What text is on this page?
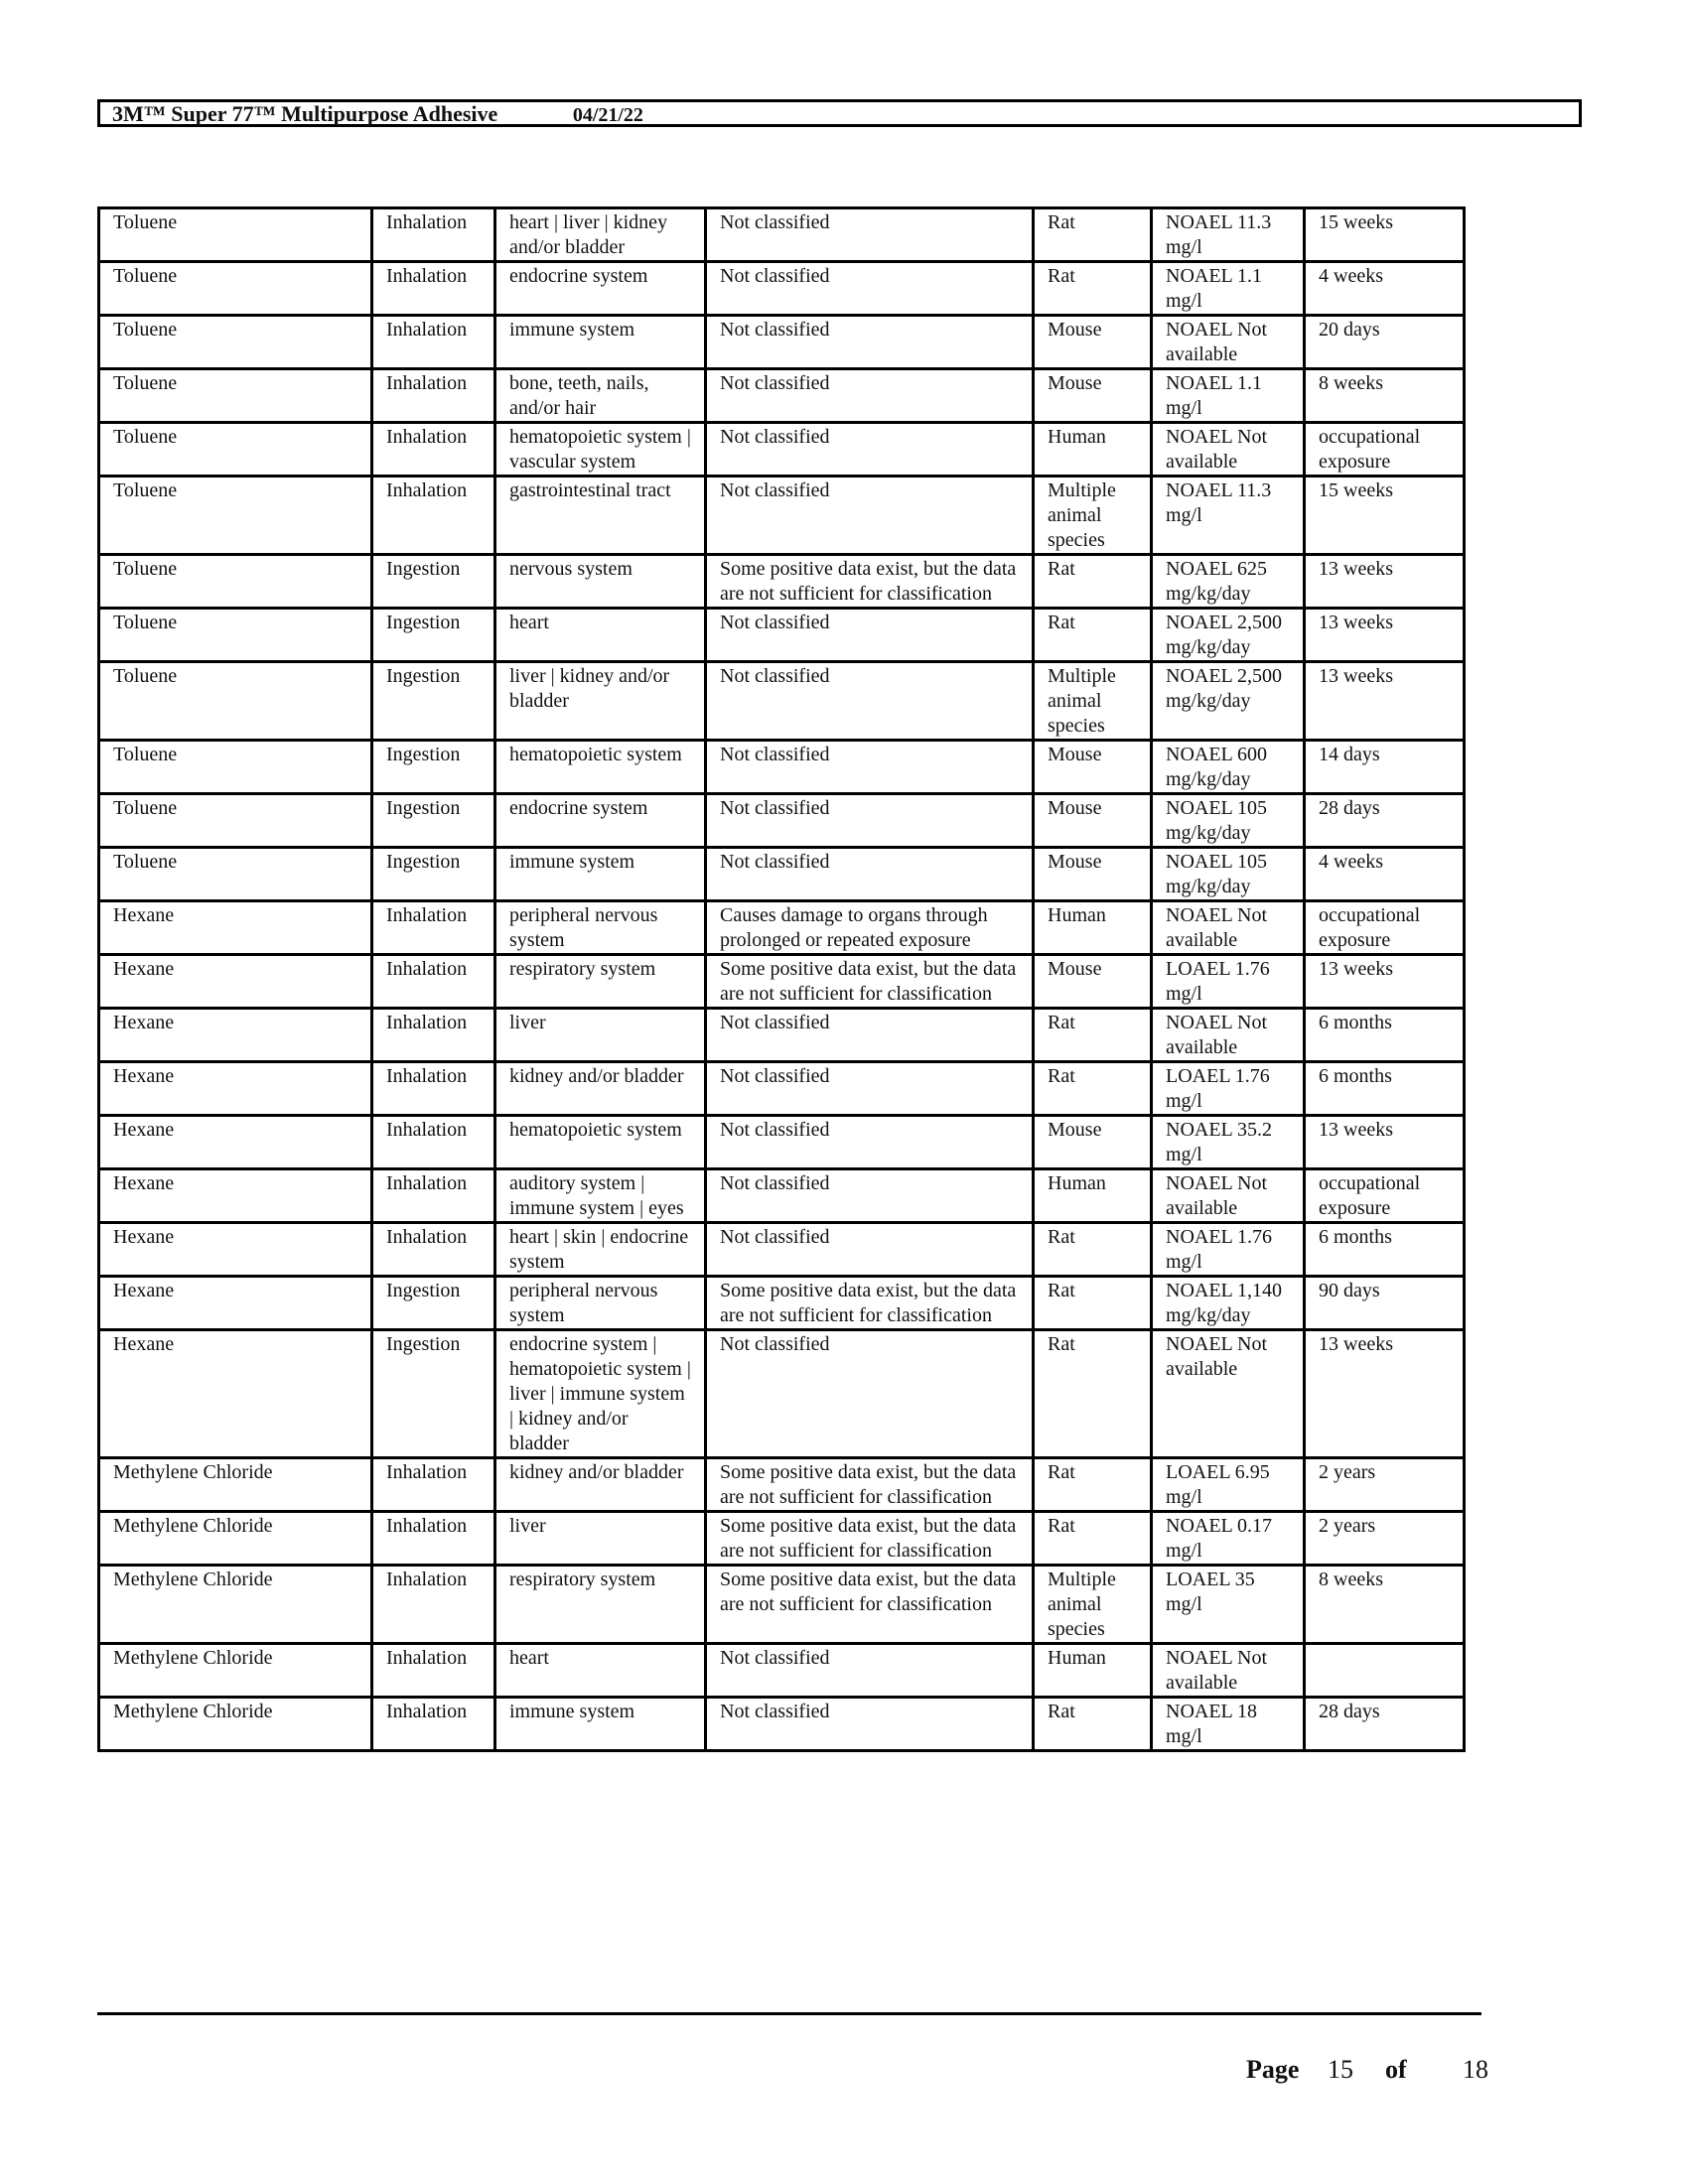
3M™ Super 77™ Multipurpose Adhesive	04/21/22
Toluene	Inhalation	heart | liver | kidney and/or bladder	Not classified	Rat	NOAEL 11.3 mg/l	15 weeks
Toluene	Inhalation	endocrine system	Not classified	Rat	NOAEL 1.1 mg/l	4 weeks
Toluene	Inhalation	immune system	Not classified	Mouse	NOAEL Not available	20 days
Toluene	Inhalation	bone, teeth, nails, and/or hair	Not classified	Mouse	NOAEL 1.1 mg/l	8 weeks
Toluene	Inhalation	hematopoietic system | vascular system	Not classified	Human	NOAEL Not available	occupational exposure
Toluene	Inhalation	gastrointestinal tract	Not classified	Multiple animal species	NOAEL 11.3 mg/l	15 weeks
Toluene	Ingestion	nervous system	Some positive data exist, but the data are not sufficient for classification	Rat	NOAEL 625 mg/kg/day	13 weeks
Toluene	Ingestion	heart	Not classified	Rat	NOAEL 2,500 mg/kg/day	13 weeks
Toluene	Ingestion	liver | kidney and/or bladder	Not classified	Multiple animal species	NOAEL 2,500 mg/kg/day	13 weeks
Toluene	Ingestion	hematopoietic system	Not classified	Mouse	NOAEL 600 mg/kg/day	14 days
Toluene	Ingestion	endocrine system	Not classified	Mouse	NOAEL 105 mg/kg/day	28 days
Toluene	Ingestion	immune system	Not classified	Mouse	NOAEL 105 mg/kg/day	4 weeks
Hexane	Inhalation	peripheral nervous system	Causes damage to organs through prolonged or repeated exposure	Human	NOAEL Not available	occupational exposure
Hexane	Inhalation	respiratory system	Some positive data exist, but the data are not sufficient for classification	Mouse	LOAEL 1.76 mg/l	13 weeks
Hexane	Inhalation	liver	Not classified	Rat	NOAEL Not available	6 months
Hexane	Inhalation	kidney and/or bladder	Not classified	Rat	LOAEL 1.76 mg/l	6 months
Hexane	Inhalation	hematopoietic system	Not classified	Mouse	NOAEL 35.2 mg/l	13 weeks
Hexane	Inhalation	auditory system | immune system | eyes	Not classified	Human	NOAEL Not available	occupational exposure
Hexane	Inhalation	heart | skin | endocrine system	Not classified	Rat	NOAEL 1.76 mg/l	6 months
Hexane	Ingestion	peripheral nervous system	Some positive data exist, but the data are not sufficient for classification	Rat	NOAEL 1,140 mg/kg/day	90 days
Hexane	Ingestion	endocrine system | hematopoietic system | liver | immune system | kidney and/or bladder	Not classified	Rat	NOAEL Not available	13 weeks
Methylene Chloride	Inhalation	kidney and/or bladder	Some positive data exist, but the data are not sufficient for classification	Rat	LOAEL 6.95 mg/l	2 years
Methylene Chloride	Inhalation	liver	Some positive data exist, but the data are not sufficient for classification	Rat	NOAEL 0.17 mg/l	2 years
Methylene Chloride	Inhalation	respiratory system	Some positive data exist, but the data are not sufficient for classification	Multiple animal species	LOAEL 35 mg/l	8 weeks
Methylene Chloride	Inhalation	heart	Not classified	Human	NOAEL Not available	
Methylene Chloride	Inhalation	immune system	Not classified	Rat	NOAEL 18 mg/l	28 days
Page 15 of 18
